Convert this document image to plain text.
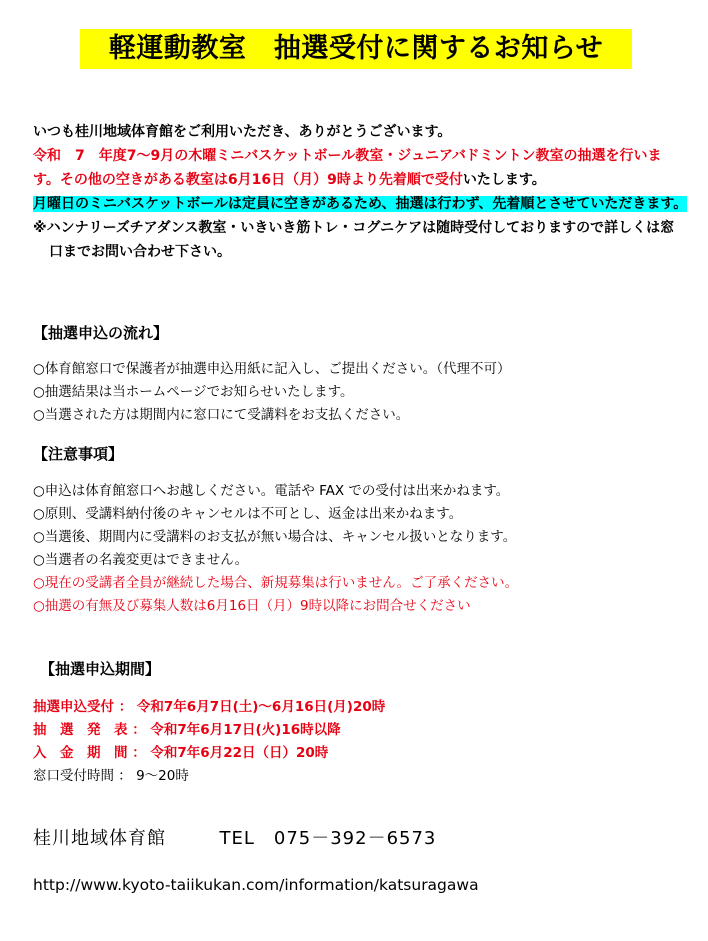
軽運動教室　抽選受付に関するお知らせ
いつも桂川地域体育館をご利用いただき、ありがとうございます。
令和　7　年度7～9月の木曜ミニバスケットボール教室・ジュニアバドミントン教室の抽選を行います。その他の空きがある教室は6月16日（月）9時より先着順で受付いたします。
月曜日のミニバスケットボールは定員に空きがあるため、抽選は行わず、先着順とさせていただきます。
※ハンナリーズチアダンス教室・いきいき筋トレ・コグニケアは随時受付しておりますので詳しくは窓口までお問い合わせ下さい。
【抽選申込の流れ】
○体育館窓口で保護者が抽選申込用紙に記入し、ご提出ください。（代理不可）
○抽選結果は当ホームページでお知らせいたします。
○当選された方は期間内に窓口にて受講料をお支払ください。
【注意事項】
○申込は体育館窓口へお越しください。電話や FAX での受付は出来かねます。
○原則、受講料納付後のキャンセルは不可とし、返金は出来かねます。
○当選後、期間内に受講料のお支払が無い場合は、キャンセル扱いとなります。
○当選者の名義変更はできません。
○現在の受講者全員が継続した場合、新規募集は行いません。ご了承ください。
○抽選の有無及び募集人数は6月16日（月）9時以降にお問合せください
【抽選申込期間】
抽選申込受付 ： 令和7年6月7日(土)～6月16日(月)20時
抽　選　発　表 ： 令和7年6月17日(火)16時以降
入　金　期　間 ： 令和7年6月22日（日）20時
窓口受付時間 ： 9～20時
桂川地域体育館	TEL　075－392－6573
http://www.kyoto-taiikukan.com/information/katsuragawa
